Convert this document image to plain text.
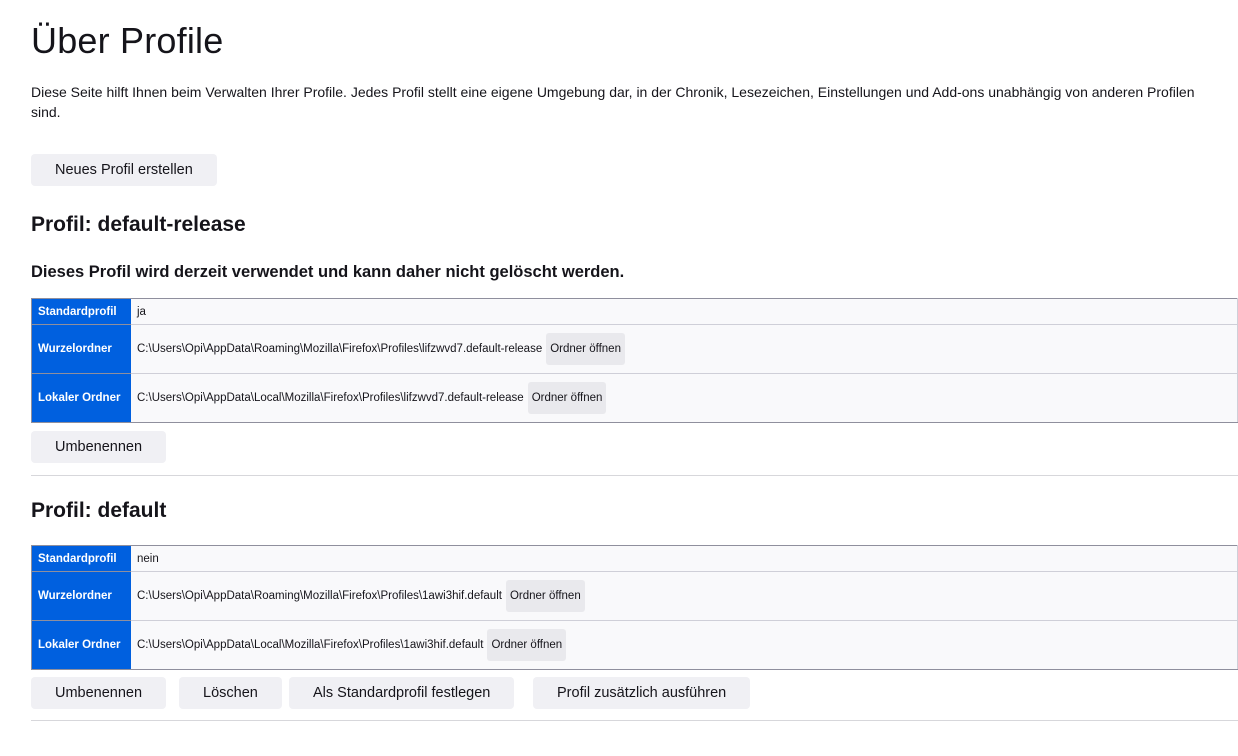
Über Profile

Diese Seite hilft Ihnen beim Verwalten Ihrer Profile. Jedes Profil stellt eine eigene Umgebung dar, in der Chronik, Lesezeichen, Einstellungen und Add-ons unabhängig von anderen Profilen sind.

Neues Profil erstellen
Profil: default-release
Dieses Profil wird derzeit verwendet und kann daher nicht gelöscht werden.
Standardprofil	ja
Wurzelordner	C:\Users\Opi\AppData\Roaming\Mozilla\Firefox\Profiles\lifzwvd7.default-release Ordner öffnen
Lokaler Ordner	C:\Users\Opi\AppData\Local\Mozilla\Firefox\Profiles\lifzwvd7.default-release Ordner öffnen
Umbenennen
Profil: default
Standardprofil	nein
Wurzelordner	C:\Users\Opi\AppData\Roaming\Mozilla\Firefox\Profiles\1awi3hif.default Ordner öffnen
Lokaler Ordner	C:\Users\Opi\AppData\Local\Mozilla\Firefox\Profiles\1awi3hif.default Ordner öffnen
Umbenennen	Löschen	Als Standardprofil festlegen	Profil zusätzlich ausführen
